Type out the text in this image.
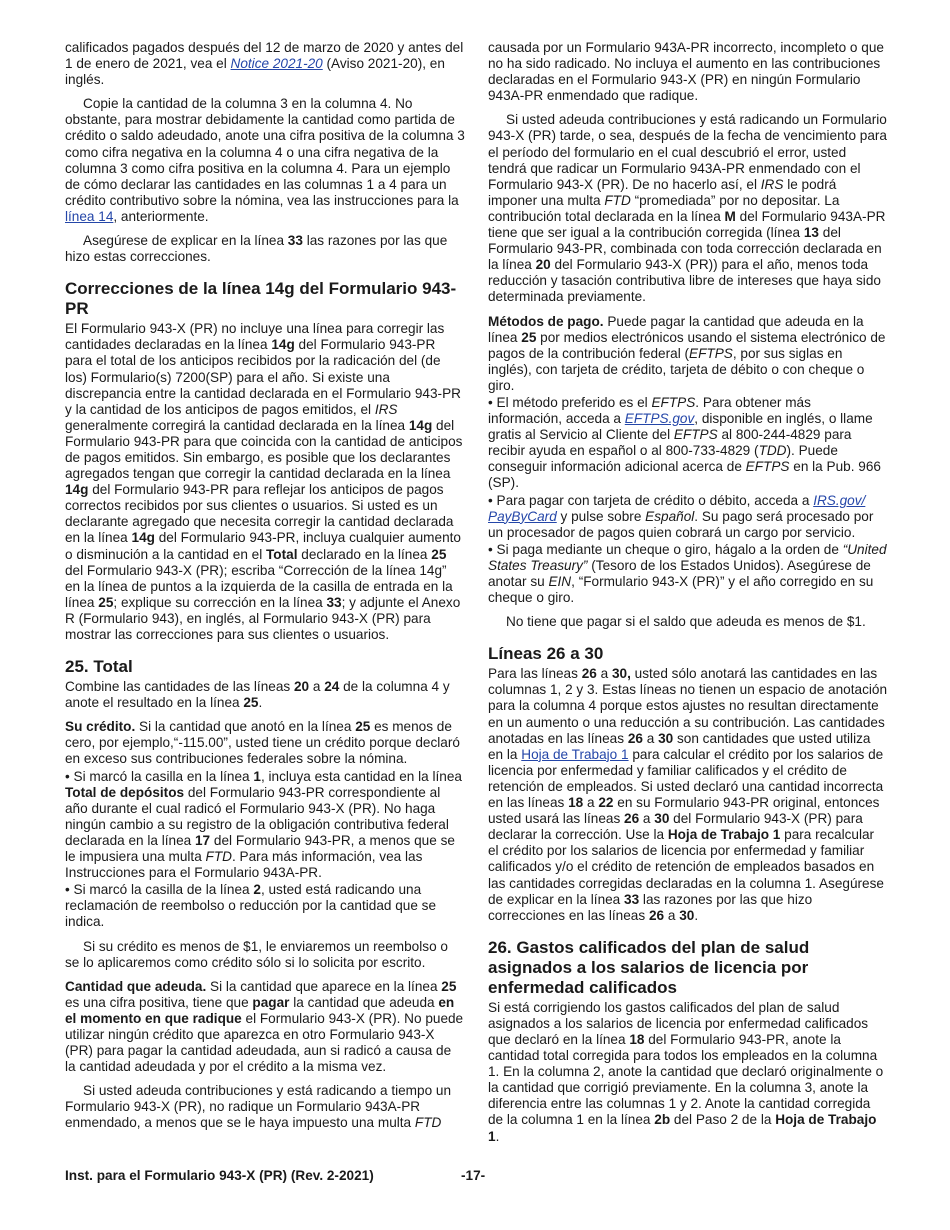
calificados pagados después del 12 de marzo de 2020 y antes del 1 de enero de 2021, vea el Notice 2021-20 (Aviso 2021-20), en inglés.

Copie la cantidad de la columna 3 en la columna 4. No obstante, para mostrar debidamente la cantidad como partida de crédito o saldo adeudado, anote una cifra positiva de la columna 3 como cifra negativa en la columna 4 o una cifra negativa de la columna 3 como cifra positiva en la columna 4. Para un ejemplo de cómo declarar las cantidades en las columnas 1 a 4 para un crédito contributivo sobre la nómina, vea las instrucciones para la línea 14, anteriormente.

Asegúrese de explicar en la línea 33 las razones por las que hizo estas correcciones.

Correcciones de la línea 14g del Formulario 943-PR

El Formulario 943-X (PR) no incluye una línea para corregir las cantidades declaradas en la línea 14g del Formulario 943-PR para el total de los anticipos recibidos por la radicación del (de los) Formulario(s) 7200(SP) para el año. Si existe una discrepancia entre la cantidad declarada en el Formulario 943-PR y la cantidad de los anticipos de pagos emitidos, el IRS generalmente corregirá la cantidad declarada en la línea 14g del Formulario 943-PR para que coincida con la cantidad de anticipos de pagos emitidos. Sin embargo, es posible que los declarantes agregados tengan que corregir la cantidad declarada en la línea 14g del Formulario 943-PR para reflejar los anticipos de pagos correctos recibidos por sus clientes o usuarios. Si usted es un declarante agregado que necesita corregir la cantidad declarada en la línea 14g del Formulario 943-PR, incluya cualquier aumento o disminución a la cantidad en el Total declarado en la línea 25 del Formulario 943-X (PR); escriba “Corrección de la línea 14g” en la línea de puntos a la izquierda de la casilla de entrada en la línea 25; explique su corrección en la línea 33; y adjunte el Anexo R (Formulario 943), en inglés, al Formulario 943-X (PR) para mostrar las correcciones para sus clientes o usuarios.

25. Total

Combine las cantidades de las líneas 20 a 24 de la columna 4 y anote el resultado en la línea 25.

Su crédito. Si la cantidad que anotó en la línea 25 es menos de cero, por ejemplo,“-115.00”, usted tiene un crédito porque declaró en exceso sus contribuciones federales sobre la nómina.

• Si marcó la casilla en la línea 1, incluya esta cantidad en la línea Total de depósitos del Formulario 943-PR correspondiente al año durante el cual radicó el Formulario 943-X (PR). No haga ningún cambio a su registro de la obligación contributiva federal declarada en la línea 17 del Formulario 943-PR, a menos que se le impusiera una multa FTD. Para más información, vea las Instrucciones para el Formulario 943A-PR.

• Si marcó la casilla de la línea 2, usted está radicando una reclamación de reembolso o reducción por la cantidad que se indica.

Si su crédito es menos de $1, le enviaremos un reembolso o se lo aplicaremos como crédito sólo si lo solicita por escrito.

Cantidad que adeuda. Si la cantidad que aparece en la línea 25 es una cifra positiva, tiene que pagar la cantidad que adeuda en el momento en que radique el Formulario 943-X (PR). No puede utilizar ningún crédito que aparezca en otro Formulario 943-X (PR) para pagar la cantidad adeudada, aun si radicó a causa de la cantidad adeudada y por el crédito a la misma vez.

Si usted adeuda contribuciones y está radicando a tiempo un Formulario 943-X (PR), no radique un Formulario 943A-PR enmendado, a menos que se le haya impuesto una multa FTD

causada por un Formulario 943A-PR incorrecto, incompleto o que no ha sido radicado. No incluya el aumento en las contribuciones declaradas en el Formulario 943-X (PR) en ningún Formulario 943A-PR enmendado que radique.

Si usted adeuda contribuciones y está radicando un Formulario 943-X (PR) tarde, o sea, después de la fecha de vencimiento para el período del formulario en el cual descubrió el error, usted tendrá que radicar un Formulario 943A-PR enmendado con el Formulario 943-X (PR). De no hacerlo así, el IRS le podrá imponer una multa FTD “promediada” por no depositar. La contribución total declarada en la línea M del Formulario 943A-PR tiene que ser igual a la contribución corregida (línea 13 del Formulario 943-PR, combinada con toda corrección declarada en la línea 20 del Formulario 943-X (PR)) para el año, menos toda reducción y tasación contributiva libre de intereses que haya sido determinada previamente.

Métodos de pago. Puede pagar la cantidad que adeuda en la línea 25 por medios electrónicos usando el sistema electrónico de pagos de la contribución federal (EFTPS, por sus siglas en inglés), con tarjeta de crédito, tarjeta de débito o con cheque o giro.

• El método preferido es el EFTPS. Para obtener más información, acceda a EFTPS.gov, disponible en inglés, o llame gratis al Servicio al Cliente del EFTPS al 800-244-4829 para recibir ayuda en español o al 800-733-4829 (TDD). Puede conseguir información adicional acerca de EFTPS en la Pub. 966 (SP).

• Para pagar con tarjeta de crédito o débito, acceda a IRS.gov/ PayByCard y pulse sobre Español. Su pago será procesado por un procesador de pagos quien cobrará un cargo por servicio.

• Si paga mediante un cheque o giro, hágalo a la orden de “United States Treasury” (Tesoro de los Estados Unidos). Asegúrese de anotar su EIN, “Formulario 943-X (PR)” y el año corregido en su cheque o giro.

No tiene que pagar si el saldo que adeuda es menos de $1.

Líneas 26 a 30

Para las líneas 26 a 30, usted sólo anotará las cantidades en las columnas 1, 2 y 3. Estas líneas no tienen un espacio de anotación para la columna 4 porque estos ajustes no resultan directamente en un aumento o una reducción a su contribución. Las cantidades anotadas en las líneas 26 a 30 son cantidades que usted utiliza en la Hoja de Trabajo 1 para calcular el crédito por los salarios de licencia por enfermedad y familiar calificados y el crédito de retención de empleados. Si usted declaró una cantidad incorrecta en las líneas 18 a 22 en su Formulario 943-PR original, entonces usted usará las líneas 26 a 30 del Formulario 943-X (PR) para declarar la corrección. Use la Hoja de Trabajo 1 para recalcular el crédito por los salarios de licencia por enfermedad y familiar calificados y/o el crédito de retención de empleados basados en las cantidades corregidas declaradas en la columna 1. Asegúrese de explicar en la línea 33 las razones por las que hizo correcciones en las líneas 26 a 30.

26. Gastos calificados del plan de salud asignados a los salarios de licencia por enfermedad calificados

Si está corrigiendo los gastos calificados del plan de salud asignados a los salarios de licencia por enfermedad calificados que declaró en la línea 18 del Formulario 943-PR, anote la cantidad total corregida para todos los empleados en la columna 1. En la columna 2, anote la cantidad que declaró originalmente o la cantidad que corrigió previamente. En la columna 3, anote la diferencia entre las columnas 1 y 2. Anote la cantidad corregida de la columna 1 en la línea 2b del Paso 2 de la Hoja de Trabajo 1.

Inst. para el Formulario 943-X (PR) (Rev. 2-2021)	-17-
